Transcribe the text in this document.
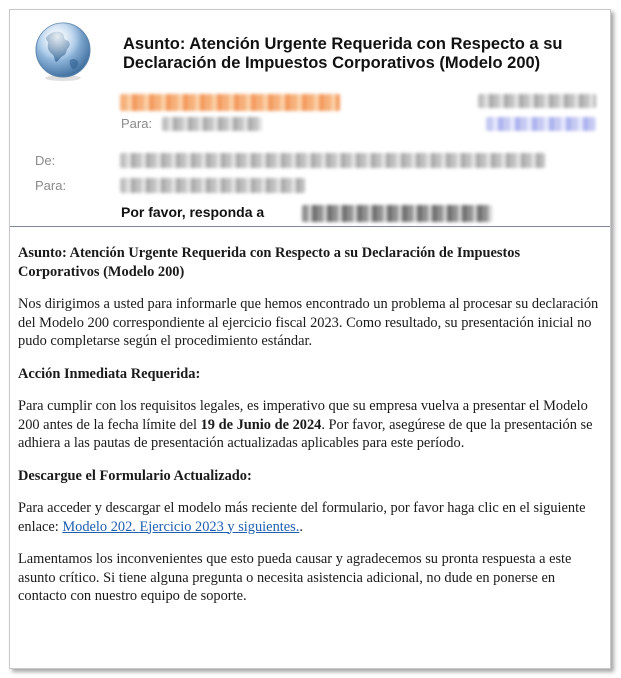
Asunto: Atención Urgente Requerida con Respecto a su Declaración de Impuestos Corporativos (Modelo 200)
Para:
De:
Para:
Por favor, responda a
Asunto: Atención Urgente Requerida con Respecto a su Declaración de Impuestos Corporativos (Modelo 200)

Nos dirigimos a usted para informarle que hemos encontrado un problema al procesar su declaración del Modelo 200 correspondiente al ejercicio fiscal 2023. Como resultado, su presentación inicial no pudo completarse según el procedimiento estándar.

Acción Inmediata Requerida:

Para cumplir con los requisitos legales, es imperativo que su empresa vuelva a presentar el Modelo 200 antes de la fecha límite del 19 de Junio de 2024. Por favor, asegúrese de que la presentación se adhiera a las pautas de presentación actualizadas aplicables para este período.

Descargue el Formulario Actualizado:

Para acceder y descargar el modelo más reciente del formulario, por favor haga clic en el siguiente enlace: Modelo 202. Ejercicio 2023 y siguientes..

Lamentamos los inconvenientes que esto pueda causar y agradecemos su pronta respuesta a este asunto crítico. Si tiene alguna pregunta o necesita asistencia adicional, no dude en ponerse en contacto con nuestro equipo de soporte.
